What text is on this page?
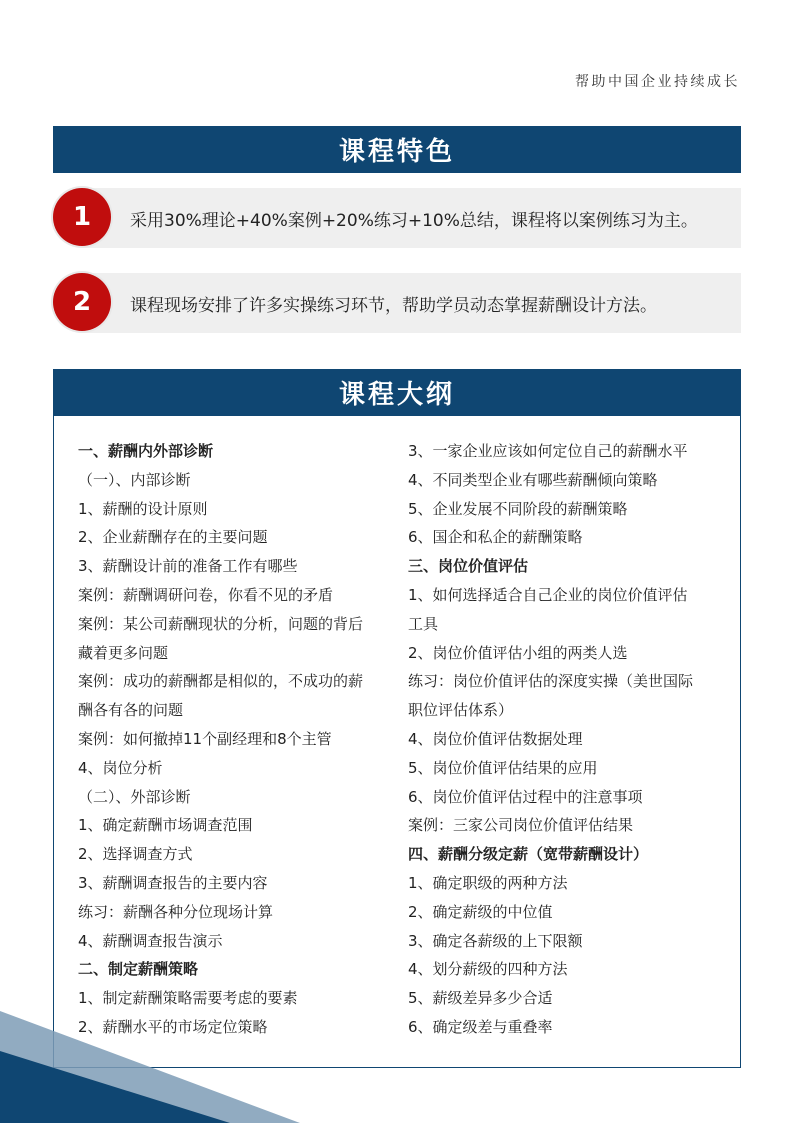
帮助中国企业持续成长
课程特色
1	采用30%理论+40%案例+20%练习+10%总结，课程将以案例练习为主。
2	课程现场安排了许多实操练习环节，帮助学员动态掌握薪酬设计方法。
课程大纲
一、薪酬内外部诊断
（一）、内部诊断
1、薪酬的设计原则
2、企业薪酬存在的主要问题
3、薪酬设计前的准备工作有哪些
案例：薪酬调研问卷，你看不见的矛盾
案例：某公司薪酬现状的分析，问题的背后
藏着更多问题
案例：成功的薪酬都是相似的，不成功的薪
酬各有各的问题
案例：如何撤掉11个副经理和8个主管
4、岗位分析
（二）、外部诊断
1、确定薪酬市场调查范围
2、选择调查方式
3、薪酬调查报告的主要内容
练习：薪酬各种分位现场计算
4、薪酬调查报告演示
二、制定薪酬策略
1、制定薪酬策略需要考虑的要素
2、薪酬水平的市场定位策略
3、一家企业应该如何定位自己的薪酬水平
4、不同类型企业有哪些薪酬倾向策略
5、企业发展不同阶段的薪酬策略
6、国企和私企的薪酬策略
三、岗位价值评估
1、如何选择适合自己企业的岗位价值评估
工具
2、岗位价值评估小组的两类人选
练习：岗位价值评估的深度实操（美世国际
职位评估体系）
4、岗位价值评估数据处理
5、岗位价值评估结果的应用
6、岗位价值评估过程中的注意事项
案例：三家公司岗位价值评估结果
四、薪酬分级定薪（宽带薪酬设计）
1、确定职级的两种方法
2、确定薪级的中位值
3、确定各薪级的上下限额
4、划分薪级的四种方法
5、薪级差异多少合适
6、确定级差与重叠率
